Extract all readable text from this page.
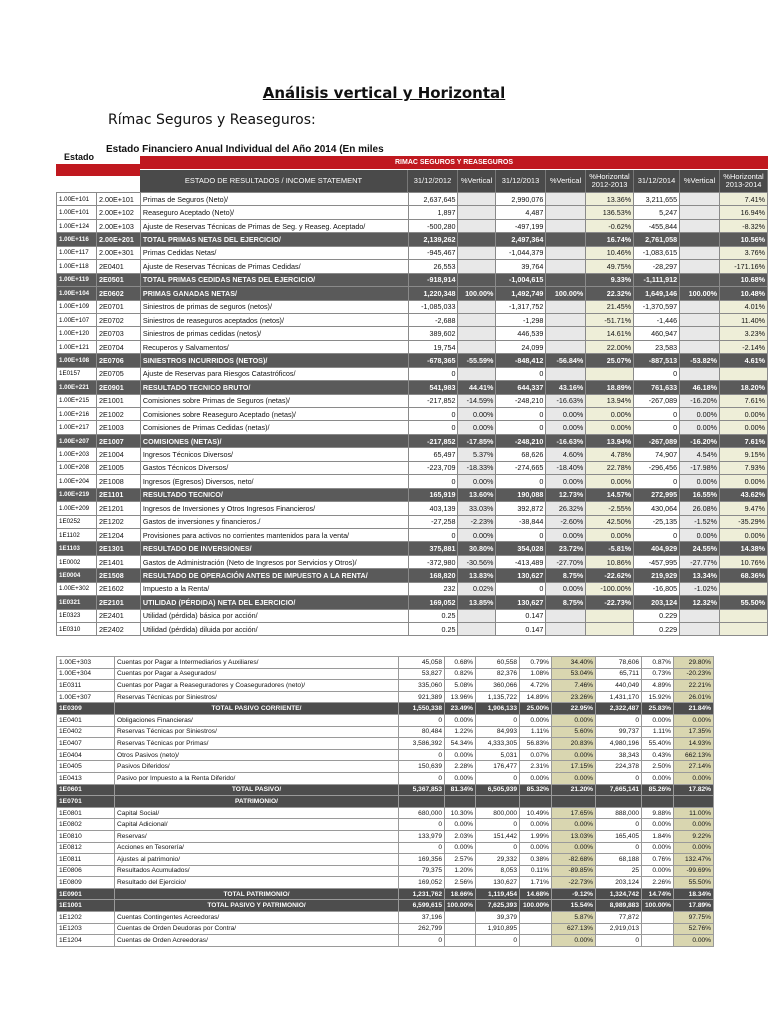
Análisis vertical y Horizontal
Rímac Seguros y Reaseguros:
Estado Financiero Anual Individual del Año 2014 (En miles
Estado
RIMAC SEGUROS Y REASEGUROS
ESTADO DE RESULTADOS / INCOME STATEMENT	31/12/2012	%Vertical	31/12/2013	%Vertical	%Horizontal 2012-2013	31/12/2014	%Vertical	%Horizontal 2013-2014
1.00E+101	2.00E+101	Primas de Seguros (Neto)/	2,637,645		2,990,076		13.36%	3,211,655		7.41%
1.00E+101	2.00E+102	Reaseguro Aceptado (Neto)/	1,897		4,487		136.53%	5,247		16.94%
1.00E+124	2.00E+103	Ajuste de Reservas Técnicas de Primas de Seg. y Reaseg. Aceptado/	-500,280		-497,199		-0.62%	-455,844		-8.32%
1.00E+116	2.00E+201	TOTAL PRIMAS NETAS DEL EJERCICIO/	2,139,262		2,497,364		16.74%	2,761,058		10.56%
1.00E+117	2.00E+301	Primas Cedidas Netas/	-945,467		-1,044,379		10.46%	-1,083,615		3.76%
1.00E+118	2E0401	Ajuste de Reservas Técnicas de Primas Cedidas/	26,553		39,764		49.75%	-28,297		-171.16%
1.00E+119	2E0501	TOTAL PRIMAS CEDIDAS NETAS DEL EJERCICIO/	-918,914		-1,004,615		9.33%	-1,111,912		10.68%
1.00E+104	2E0602	PRIMAS GANADAS NETAS/	1,220,348	100.00%	1,492,749	100.00%	22.32%	1,649,146	100.00%	10.48%
1.00E+109	2E0701	Siniestros de primas de seguros (netos)/	-1,085,033		-1,317,752		21.45%	-1,370,597		4.01%
1.00E+107	2E0702	Siniestros de reaseguros aceptados (netos)/	-2,688		-1,298		-51.71%	-1,446		11.40%
1.00E+120	2E0703	Siniestros de primas cedidas (netos)/	389,602		446,539		14.61%	460,947		3.23%
1.00E+121	2E0704	Recuperos y Salvamentos/	19,754		24,099		22.00%	23,583		-2.14%
1.00E+108	2E0706	SINIESTROS INCURRIDOS (NETOS)/	-678,365	-55.59%	-848,412	-56.84%	25.07%	-887,513	-53.82%	4.61%
1E0157	2E0705	Ajuste de Reservas para Riesgos Catastróficos/	0		0			0		
1.00E+221	2E0901	RESULTADO TECNICO BRUTO/	541,983	44.41%	644,337	43.16%	18.89%	761,633	46.18%	18.20%
1.00E+215	2E1001	Comisiones sobre Primas de Seguros (netas)/	-217,852	-14.59%	-248,210	-16.63%	13.94%	-267,089	-16.20%	7.61%
1.00E+216	2E1002	Comisiones sobre Reaseguro Aceptado (netas)/	0	0.00%	0	0.00%	0.00%	0	0.00%	0.00%
1.00E+217	2E1003	Comisiones de Primas Cedidas (netas)/	0	0.00%	0	0.00%	0.00%	0	0.00%	0.00%
1.00E+207	2E1007	COMISIONES (NETAS)/	-217,852	-17.85%	-248,210	-16.63%	13.94%	-267,089	-16.20%	7.61%
1.00E+203	2E1004	Ingresos Técnicos Diversos/	65,497	5.37%	68,626	4.60%	4.78%	74,907	4.54%	9.15%
1.00E+208	2E1005	Gastos Técnicos Diversos/	-223,709	-18.33%	-274,665	-18.40%	22.78%	-296,456	-17.98%	7.93%
1.00E+204	2E1008	Ingresos (Egresos) Diversos, neto/	0	0.00%	0	0.00%	0.00%	0	0.00%	0.00%
1.00E+219	2E1101	RESULTADO TECNICO/	165,919	13.60%	190,088	12.73%	14.57%	272,995	16.55%	43.62%
1.00E+209	2E1201	Ingresos de Inversiones y Otros Ingresos Financieros/	403,139	33.03%	392,872	26.32%	-2.55%	430,064	26.08%	9.47%
1E0252	2E1202	Gastos de inversiones y financieros./	-27,258	-2.23%	-38,844	-2.60%	42.50%	-25,135	-1.52%	-35.29%
1E1102	2E1204	Provisiones para activos no corrientes mantenidos para la venta/	0	0.00%	0	0.00%	0.00%	0	0.00%	0.00%
1E1103	2E1301	RESULTADO DE INVERSIONES/	375,881	30.80%	354,028	23.72%	-5.81%	404,929	24.55%	14.38%
1E0002	2E1401	Gastos de Administración (Neto de Ingresos por Servicios y Otros)/	-372,980	-30.56%	-413,489	-27.70%	10.86%	-457,995	-27.77%	10.76%
1E0004	2E1508	RESULTADO DE OPERACIÓN ANTES DE IMPUESTO A LA RENTA/	168,820	13.83%	130,627	8.75%	-22.62%	219,929	13.34%	68.36%
1.00E+302	2E1602	Impuesto a la Renta/	232	0.02%	0	0.00%	-100.00%	-16,805	-1.02%	
1E0321	2E2101	UTILIDAD (PÉRDIDA) NETA DEL EJERCICIO/	169,052	13.85%	130,627	8.75%	-22.73%	203,124	12.32%	55.50%
1E0323	2E2401	Utilidad (pérdida) básica por acción/	0.25		0.147			0.229		
1E0310	2E2402	Utilidad (pérdida) diluida por acción/	0.25		0.147			0.229		
1.00E+303	Cuentas por Pagar a Intermediarios y Auxiliares/	45,058	0.68%	60,558	0.79%	34.40%	78,606	0.87%	29.80%
1.00E+304	Cuentas por Pagar a Asegurados/	53,827	0.82%	82,376	1.08%	53.04%	65,711	0.73%	-20.23%
1E0311	Cuentas por Pagar a Reaseguradores y Coaseguradores (neto)/	335,060	5.08%	360,066	4.72%	7.46%	440,049	4.89%	22.21%
1.00E+307	Reservas Técnicas por Siniestros/	921,389	13.96%	1,135,722	14.89%	23.26%	1,431,170	15.92%	26.01%
1E0309	TOTAL PASIVO CORRIENTE/	1,550,338	23.49%	1,906,133	25.00%	22.95%	2,322,487	25.83%	21.84%
1E0401	Obligaciones Financieras/	0	0.00%	0	0.00%	0.00%	0	0.00%	0.00%
1E0402	Reservas Técnicas por Siniestros/	80,484	1.22%	84,993	1.11%	5.60%	99,737	1.11%	17.35%
1E0407	Reservas Técnicas por Primas/	3,586,392	54.34%	4,333,305	56.83%	20.83%	4,980,196	55.40%	14.93%
1E0404	Otros Pasivos (neto)/	0	0.00%	5,031	0.07%	0.00%	38,343	0.43%	662.13%
1E0405	Pasivos Diferidos/	150,639	2.28%	176,477	2.31%	17.15%	224,378	2.50%	27.14%
1E0413	Pasivo por Impuesto a la Renta Diferido/	0	0.00%	0	0.00%	0.00%	0	0.00%	0.00%
1E0601	TOTAL PASIVO/	5,367,853	81.34%	6,505,939	85.32%	21.20%	7,665,141	85.26%	17.82%
1E0701	PATRIMONIO/								
1E0801	Capital Social/	680,000	10.30%	800,000	10.49%	17.65%	888,000	9.88%	11.00%
1E0802	Capital Adicional/	0	0.00%	0	0.00%	0.00%	0	0.00%	0.00%
1E0810	Reservas/	133,979	2.03%	151,442	1.99%	13.03%	165,405	1.84%	9.22%
1E0812	Acciones en Tesorería/	0	0.00%	0	0.00%	0.00%	0	0.00%	0.00%
1E0811	Ajustes al patrimonio/	169,356	2.57%	29,332	0.38%	-82.68%	68,188	0.76%	132.47%
1E0806	Resultados Acumulados/	79,375	1.20%	8,053	0.11%	-89.85%	25	0.00%	-99.69%
1E0809	Resultado del Ejercicio/	169,052	2.56%	130,627	1.71%	-22.73%	203,124	2.26%	55.50%
1E0901	TOTAL PATRIMONIO/	1,231,762	18.66%	1,119,454	14.68%	-9.12%	1,324,742	14.74%	18.34%
1E1001	TOTAL PASIVO Y PATRIMONIO/	6,599,615	100.00%	7,625,393	100.00%	15.54%	8,989,883	100.00%	17.89%
1E1202	Cuentas Contingentes Acreedoras/	37,196		39,379		5.87%	77,872		97.75%
1E1203	Cuentas de Orden Deudoras por Contra/	262,799		1,910,895		627.13%	2,919,013		52.76%
1E1204	Cuentas de Orden Acreedoras/	0		0		0.00%	0		0.00%
